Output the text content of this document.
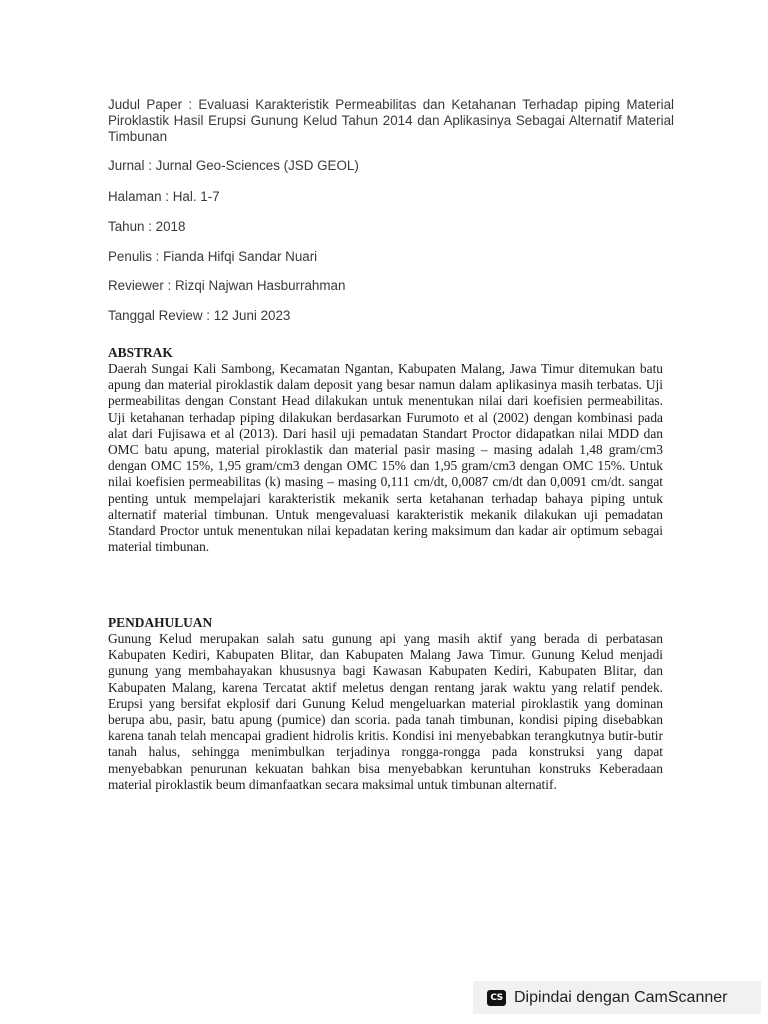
Judul Paper : Evaluasi Karakteristik Permeabilitas dan Ketahanan Terhadap piping Material Piroklastik Hasil Erupsi Gunung Kelud Tahun 2014 dan Aplikasinya Sebagai Alternatif Material Timbunan
Jurnal : Jurnal Geo-Sciences (JSD GEOL)
Halaman : Hal. 1-7
Tahun : 2018
Penulis : Fianda Hifqi Sandar Nuari
Reviewer : Rizqi Najwan Hasburrahman
Tanggal Review : 12 Juni 2023
ABSTRAK
Daerah Sungai Kali Sambong, Kecamatan Ngantan, Kabupaten Malang, Jawa Timur ditemukan batu apung dan material piroklastik dalam deposit yang besar namun dalam aplikasinya masih terbatas. Uji permeabilitas dengan Constant Head dilakukan untuk menentukan nilai dari koefisien permeabilitas. Uji ketahanan terhadap piping dilakukan berdasarkan Furumoto et al (2002) dengan kombinasi pada alat dari Fujisawa et al (2013). Dari hasil uji pemadatan Standart Proctor didapatkan nilai MDD dan OMC batu apung, material piroklastik dan material pasir masing – masing adalah 1,48 gram/cm3 dengan OMC 15%, 1,95 gram/cm3 dengan OMC 15% dan 1,95 gram/cm3 dengan OMC 15%. Untuk nilai koefisien permeabilitas (k) masing – masing 0,111 cm/dt, 0,0087 cm/dt dan 0,0091 cm/dt. sangat penting untuk mempelajari karakteristik mekanik serta ketahanan terhadap bahaya piping untuk alternatif material timbunan. Untuk mengevaluasi karakteristik mekanik dilakukan uji pemadatan Standard Proctor untuk menentukan nilai kepadatan kering maksimum dan kadar air optimum sebagai material timbunan.
PENDAHULUAN
Gunung Kelud merupakan salah satu gunung api yang masih aktif yang berada di perbatasan Kabupaten Kediri, Kabupaten Blitar, dan Kabupaten Malang Jawa Timur. Gunung Kelud menjadi gunung yang membahayakan khususnya bagi Kawasan Kabupaten Kediri, Kabupaten Blitar, dan Kabupaten Malang, karena Tercatat aktif meletus dengan rentang jarak waktu yang relatif pendek. Erupsi yang bersifat ekplosif dari Gunung Kelud mengeluarkan material piroklastik yang dominan berupa abu, pasir, batu apung (pumice) dan scoria. pada tanah timbunan, kondisi piping disebabkan karena tanah telah mencapai gradient hidrolis kritis. Kondisi ini menyebabkan terangkutnya butir-butir tanah halus, sehingga menimbulkan terjadinya rongga-rongga pada konstruksi yang dapat menyebabkan penurunan kekuatan bahkan bisa menyebabkan keruntuhan konstruks Keberadaan material piroklastik beum dimanfaatkan secara maksimal untuk timbunan alternatif.
CS Dipindai dengan CamScanner
